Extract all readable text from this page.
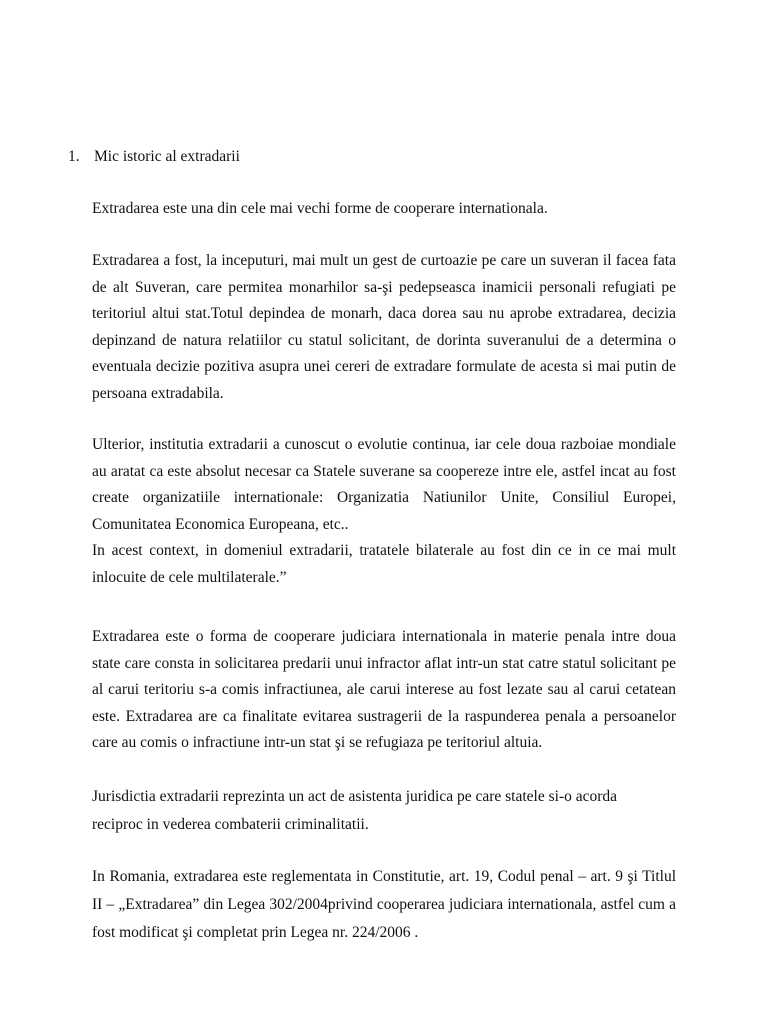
1. Mic istoric al extradarii

Extradarea este una din cele mai vechi forme de cooperare internationala.

Extradarea a fost, la inceputuri, mai mult un gest de curtoazie pe care un suveran il facea fata
de alt Suveran, care permitea monarhilor sa-şi pedepseasca inamicii personali refugiati pe
teritoriul altui stat.Totul depindea de monarh, daca dorea sau nu aprobe extradarea, decizia
depinzand de natura relatiilor cu statul solicitant, de dorinta suveranului de a determina o
eventuala decizie pozitiva asupra unei cereri de extradare formulate de acesta si mai putin de
persoana extradabila.

Ulterior, institutia extradarii a cunoscut o evolutie continua, iar cele doua razboiae mondiale
au aratat ca este absolut necesar ca Statele suverane sa coopereze intre ele, astfel incat au fost
create organizatiile internationale: Organizatia Natiunilor Unite, Consiliul Europei,
Comunitatea Economica Europeana, etc..
In acest context, in domeniul extradarii, tratatele bilaterale au fost din ce in ce mai mult
inlocuite de cele multilaterale.”

Extradarea este o forma de cooperare judiciara internationala in materie penala intre doua
state care consta in solicitarea predarii unui infractor aflat intr-un stat catre statul solicitant pe
al carui teritoriu s-a comis infractiunea, ale carui interese au fost lezate sau al carui cetatean
este. Extradarea are ca finalitate evitarea sustragerii de la raspunderea penala a persoanelor
care au comis o infractiune intr-un stat şi se refugiaza pe teritoriul altuia.

Jurisdictia extradarii reprezinta un act de asistenta juridica pe care statele si-o acorda
reciproc in vederea combaterii criminalitatii.

In Romania, extradarea este reglementata in Constitutie, art. 19, Codul penal – art. 9 şi Titlul
II – „Extradarea” din Legea 302/2004privind cooperarea judiciara internationala, astfel cum a
fost modificat şi completat prin Legea nr. 224/2006 .
